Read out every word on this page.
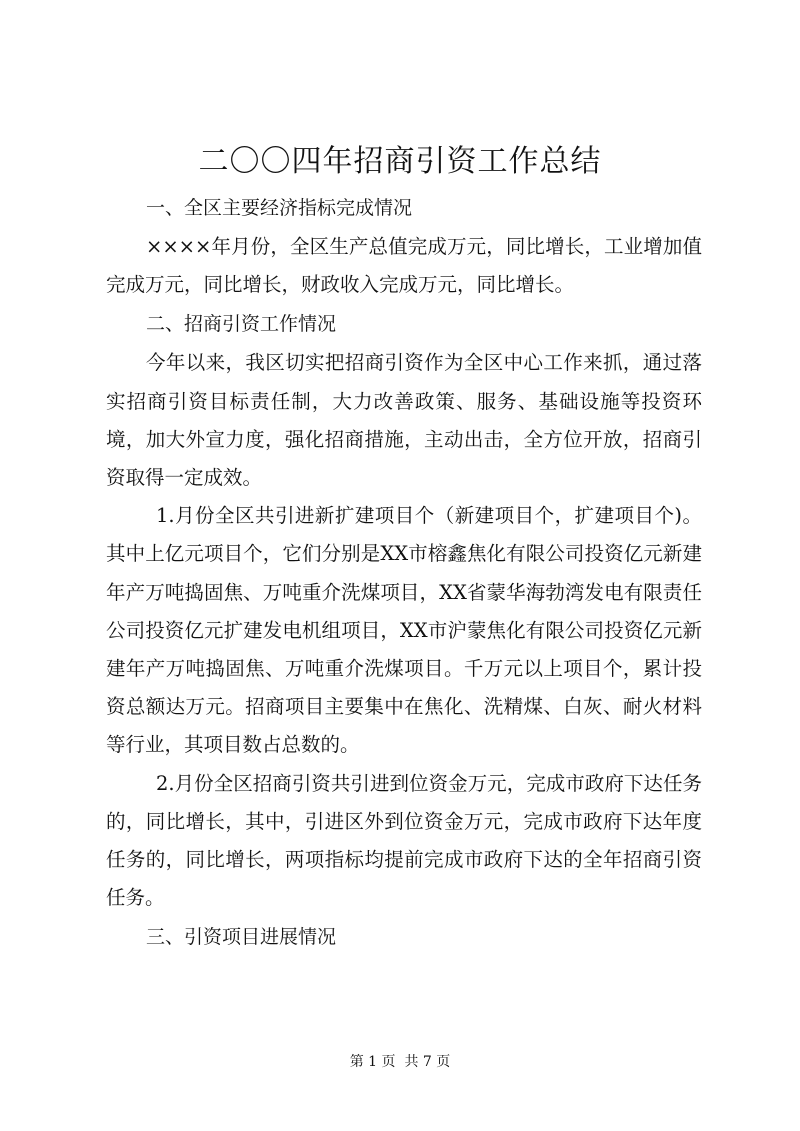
二〇〇四年招商引资工作总结
一、全区主要经济指标完成情况

××××年月份，全区生产总值完成万元，同比增长，工业增加值完成万元，同比增长，财政收入完成万元，同比增长。

二、招商引资工作情况

今年以来，我区切实把招商引资作为全区中心工作来抓，通过落实招商引资目标责任制，大力改善政策、服务、基础设施等投资环境，加大外宣力度，强化招商措施，主动出击，全方位开放，招商引资取得一定成效。

1.月份全区共引进新扩建项目个（新建项目个，扩建项目个)。其中上亿元项目个，它们分别是XX市榕鑫焦化有限公司投资亿元新建年产万吨捣固焦、万吨重介洗煤项目，XX省蒙华海勃湾发电有限责任公司投资亿元扩建发电机组项目，XX市沪蒙焦化有限公司投资亿元新建年产万吨捣固焦、万吨重介洗煤项目。千万元以上项目个，累计投资总额达万元。招商项目主要集中在焦化、洗精煤、白灰、耐火材料等行业，其项目数占总数的。

2.月份全区招商引资共引进到位资金万元，完成市政府下达任务的，同比增长，其中，引进区外到位资金万元，完成市政府下达年度任务的，同比增长，两项指标均提前完成市政府下达的全年招商引资任务。

三、引资项目进展情况
第 1 页  共 7 页
